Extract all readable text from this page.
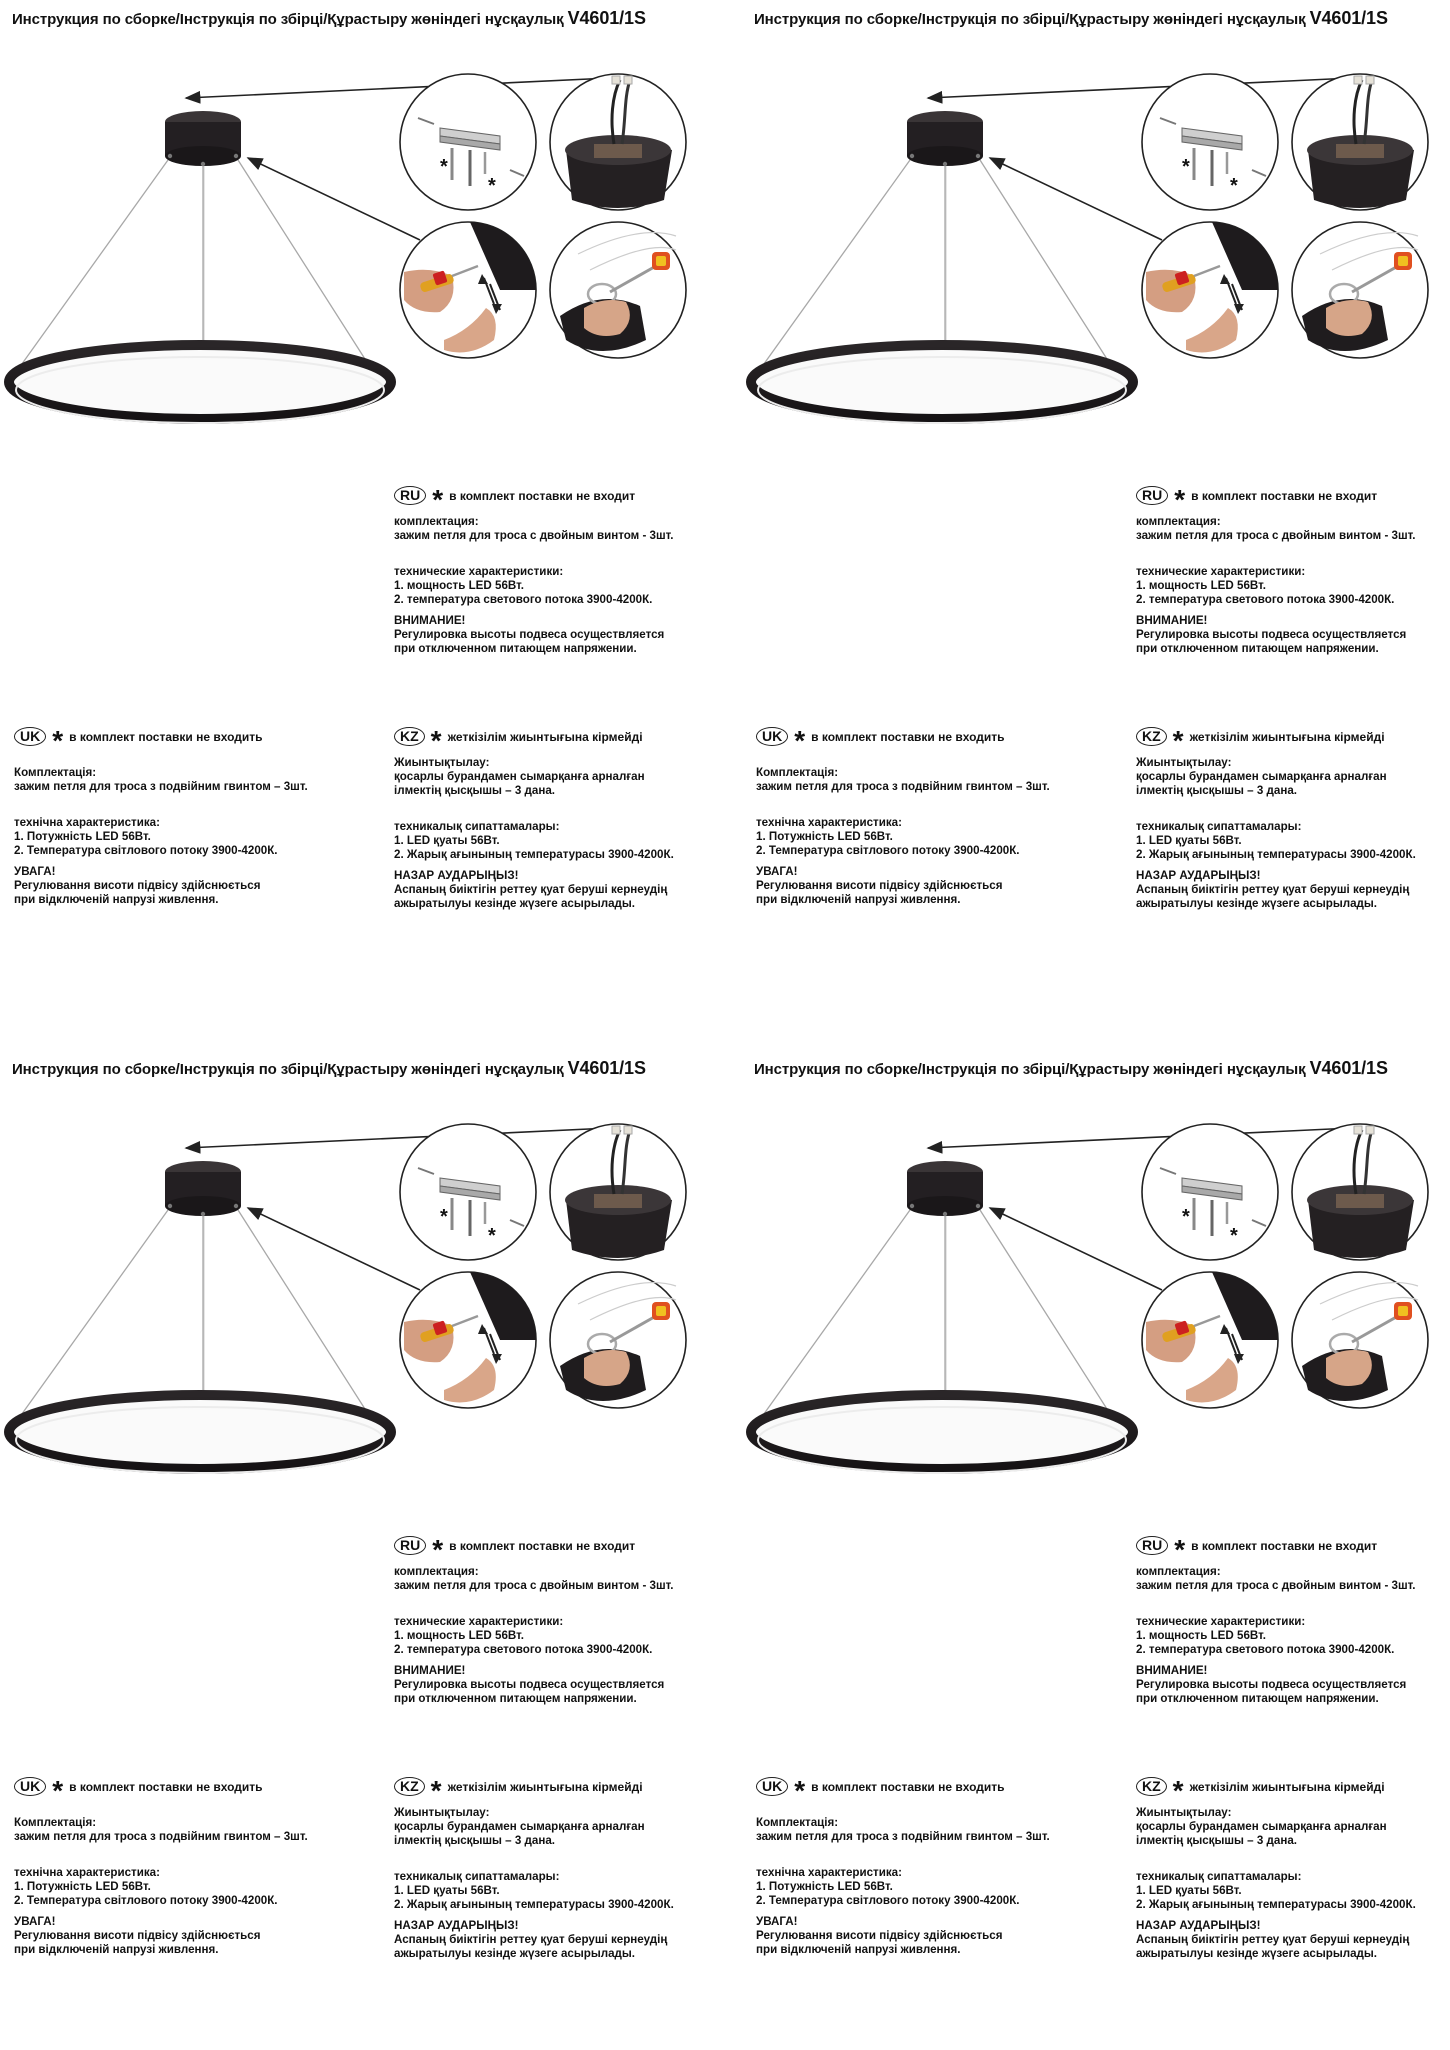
Инструкция по сборке/Інструкція по збірці/Құрастыру жөніндегі нұсқаулық V4601/1S
*
*
RU * в комплект поставки не входит
комплектация:
зажим петля для троса с двойным винтом - 3шт.
технические характеристики:
1. мощность LED 56Вт.
2. температура светового потока 3900-4200К.
ВНИМАНИЕ!
Регулировка высоты подвеса осуществляется
при отключенном питающем напряжении.
UK * в комплект поставки не входить
Комплектація:
зажим петля для троса з подвійним гвинтом – 3шт.
технічна характеристика:
1. Потужність LED 56Вт.
2. Температура світлового потоку 3900-4200К.
УВАГА!
Регулювання висоти підвісу здійснюється
при відключеній напрузі живлення.
KZ * жеткізілім жиынтығына кірмейді
Жиынтықтылау:
қосарлы бурандамен сымарқанға арналған
ілмектің қысқышы – 3 дана.
техникалық сипаттамалары:
1. LED қуаты 56Вт.
2. Жарық ағынының температурасы 3900-4200К.
НАЗАР АУДАРЫҢЫЗ!
Аспаның биіктігін реттеу қуат беруші кернеудің
ажыратылуы кезінде жүзеге асырылады.
Инструкция по сборке/Інструкція по збірці/Құрастыру жөніндегі нұсқаулық V4601/1S
*
*
RU * в комплект поставки не входит
комплектация:
зажим петля для троса с двойным винтом - 3шт.
технические характеристики:
1. мощность LED 56Вт.
2. температура светового потока 3900-4200К.
ВНИМАНИЕ!
Регулировка высоты подвеса осуществляется
при отключенном питающем напряжении.
UK * в комплект поставки не входить
Комплектація:
зажим петля для троса з подвійним гвинтом – 3шт.
технічна характеристика:
1. Потужність LED 56Вт.
2. Температура світлового потоку 3900-4200К.
УВАГА!
Регулювання висоти підвісу здійснюється
при відключеній напрузі живлення.
KZ * жеткізілім жиынтығына кірмейді
Жиынтықтылау:
қосарлы бурандамен сымарқанға арналған
ілмектің қысқышы – 3 дана.
техникалық сипаттамалары:
1. LED қуаты 56Вт.
2. Жарық ағынының температурасы 3900-4200К.
НАЗАР АУДАРЫҢЫЗ!
Аспаның биіктігін реттеу қуат беруші кернеудің
ажыратылуы кезінде жүзеге асырылады.
Инструкция по сборке/Інструкція по збірці/Құрастыру жөніндегі нұсқаулық V4601/1S
*
*
RU * в комплект поставки не входит
комплектация:
зажим петля для троса с двойным винтом - 3шт.
технические характеристики:
1. мощность LED 56Вт.
2. температура светового потока 3900-4200К.
ВНИМАНИЕ!
Регулировка высоты подвеса осуществляется
при отключенном питающем напряжении.
UK * в комплект поставки не входить
Комплектація:
зажим петля для троса з подвійним гвинтом – 3шт.
технічна характеристика:
1. Потужність LED 56Вт.
2. Температура світлового потоку 3900-4200К.
УВАГА!
Регулювання висоти підвісу здійснюється
при відключеній напрузі живлення.
KZ * жеткізілім жиынтығына кірмейді
Жиынтықтылау:
қосарлы бурандамен сымарқанға арналған
ілмектің қысқышы – 3 дана.
техникалық сипаттамалары:
1. LED қуаты 56Вт.
2. Жарық ағынының температурасы 3900-4200К.
НАЗАР АУДАРЫҢЫЗ!
Аспаның биіктігін реттеу қуат беруші кернеудің
ажыратылуы кезінде жүзеге асырылады.
Инструкция по сборке/Інструкція по збірці/Құрастыру жөніндегі нұсқаулық V4601/1S
*
*
RU * в комплект поставки не входит
комплектация:
зажим петля для троса с двойным винтом - 3шт.
технические характеристики:
1. мощность LED 56Вт.
2. температура светового потока 3900-4200К.
ВНИМАНИЕ!
Регулировка высоты подвеса осуществляется
при отключенном питающем напряжении.
UK * в комплект поставки не входить
Комплектація:
зажим петля для троса з подвійним гвинтом – 3шт.
технічна характеристика:
1. Потужність LED 56Вт.
2. Температура світлового потоку 3900-4200К.
УВАГА!
Регулювання висоти підвісу здійснюється
при відключеній напрузі живлення.
KZ * жеткізілім жиынтығына кірмейді
Жиынтықтылау:
қосарлы бурандамен сымарқанға арналған
ілмектің қысқышы – 3 дана.
техникалық сипаттамалары:
1. LED қуаты 56Вт.
2. Жарық ағынының температурасы 3900-4200К.
НАЗАР АУДАРЫҢЫЗ!
Аспаның биіктігін реттеу қуат беруші кернеудің
ажыратылуы кезінде жүзеге асырылады.
